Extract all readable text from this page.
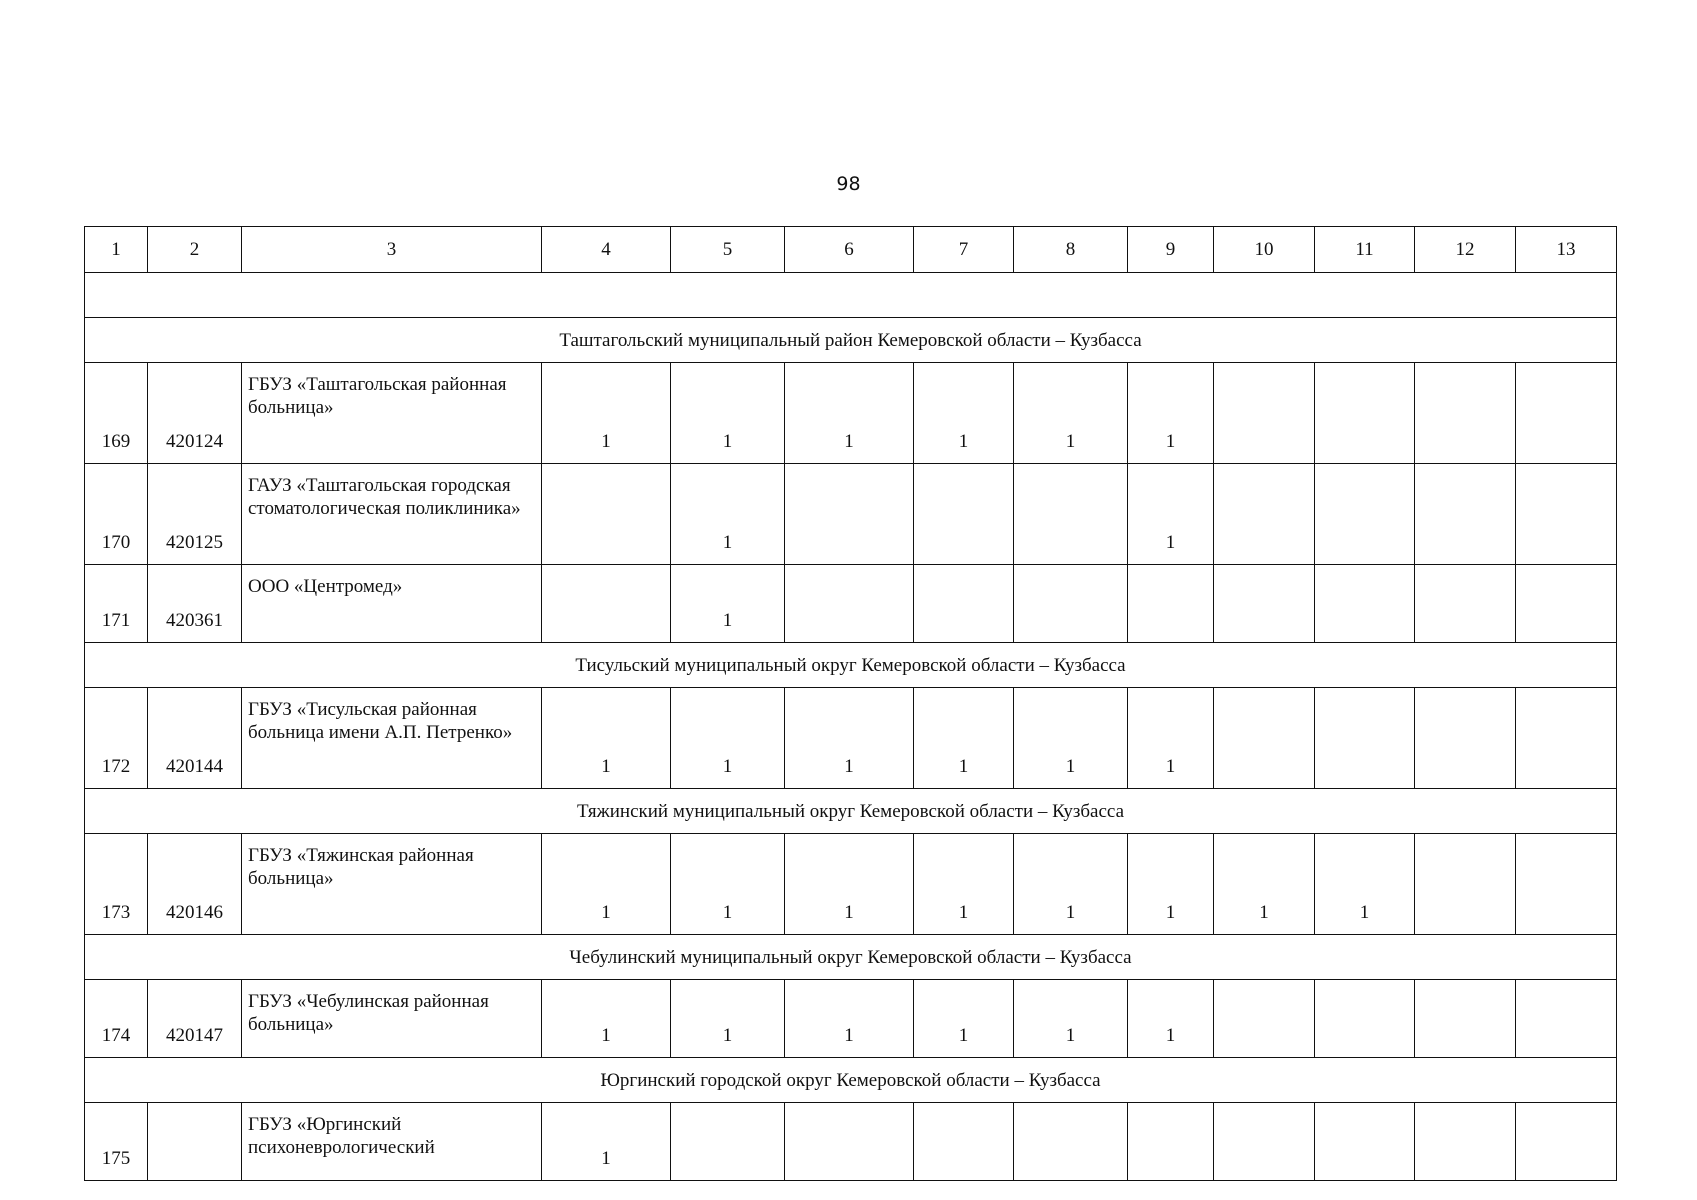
98
1	2	3	4	5	6	7	8	9	10	11	12	13

Таштагольский муниципальный район Кемеровской области – Кузбасса												
169	420124	ГБУЗ «Таштагольская районная больница»	1	1	1	1	1	1				
170	420125	ГАУЗ «Таштагольская городская стоматологическая поликлиника»		1				1				
171	420361	ООО «Центромед»		1								
Тисульский муниципальный округ Кемеровской области – Кузбасса												
172	420144	ГБУЗ «Тисульская районная больница имени А.П. Петренко»	1	1	1	1	1	1				
Тяжинский муниципальный округ Кемеровской области – Кузбасса												
173	420146	ГБУЗ «Тяжинская районная больница»	1	1	1	1	1	1	1	1		
Чебулинский муниципальный округ Кемеровской области – Кузбасса												
174	420147	ГБУЗ «Чебулинская районная больница»	1	1	1	1	1	1				
Юргинский городской округ Кемеровской области – Кузбасса												
175		ГБУЗ «Юргинский психоневрологический	1									
